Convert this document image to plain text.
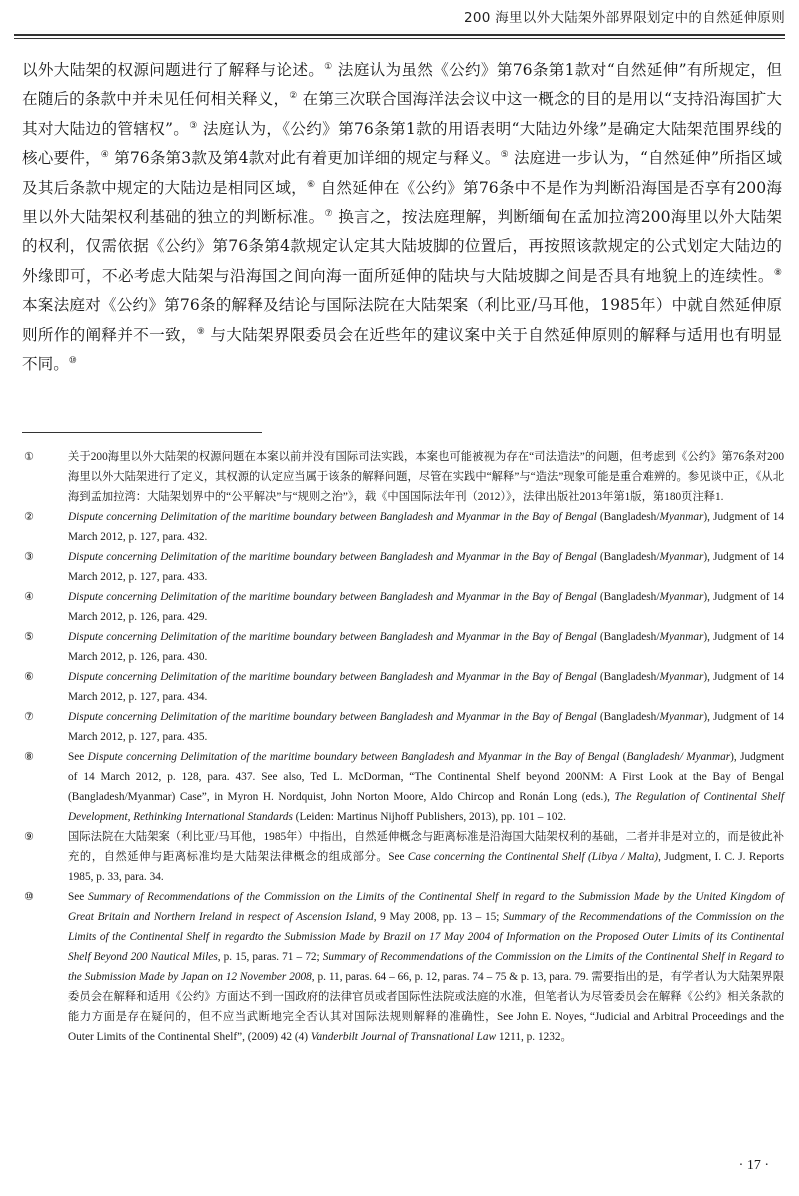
200 海里以外大陆架外部界限划定中的自然延伸原则

以外大陆架的权源问题进行了解释与论述。① 法庭认为虽然《公约》第76条第1款对“自然延伸”有所规定，但在随后的条款中并未见任何相关释义，② 在第三次联合国海洋法会议中这一概念的目的是用以“支持沿海国扩大其对大陆边的管辖权”。③ 法庭认为，《公约》第76条第1款的用语表明“大陆边外缘”是确定大陆架范围界线的核心要件，④ 第76条第3款及第4款对此有着更加详细的规定与释义。⑤ 法庭进一步认为，“自然延伸”所指区域及其后条款中规定的大陆边是相同区域，⑥ 自然延伸在《公约》第76条中不是作为判断沿海国是否享有200海里以外大陆架权利基础的独立的判断标准。⑦ 换言之，按法庭理解，判断缅甸在孟加拉湾200海里以外大陆架的权利，仅需依据《公约》第76条第4款规定认定其大陆坡脚的位置后，再按照该款规定的公式划定大陆边的外缘即可，不必考虑大陆架与沿海国之间向海一面所延伸的陆块与大陆坡脚之间是否具有地貌上的连续性。⑧ 本案法庭对《公约》第76条的解释及结论与国际法院在大陆架案（利比亚/马耳他，1985年）中就自然延伸原则所作的阐释并不一致，⑨ 与大陆架界限委员会在近些年的建议案中关于自然延伸原则的解释与适用也有明显不同。⑩

①	关于200海里以外大陆架的权源问题在本案以前并没有国际司法实践，本案也可能被视为存在“司法造法”的问题，但考虑到《公约》第76条对200海里以外大陆架进行了定义，其权源的认定应当属于该条的解释问题，尽管在实践中“解释”与“造法”现象可能是重合难辨的。参见谈中正，《从北海到孟加拉湾：大陆架划界中的“公平解决”与“规则之治”》，载《中国国际法年刊（2012）》，法律出版社2013年第1版，第180页注释1.
②	Dispute concerning Delimitation of the maritime boundary between Bangladesh and Myanmar in the Bay of Bengal (Bangladesh/Myanmar), Judgment of 14 March 2012, p. 127, para. 432.
③	Dispute concerning Delimitation of the maritime boundary between Bangladesh and Myanmar in the Bay of Bengal (Bangladesh/Myanmar), Judgment of 14 March 2012, p. 127, para. 433.
④	Dispute concerning Delimitation of the maritime boundary between Bangladesh and Myanmar in the Bay of Bengal (Bangladesh/Myanmar), Judgment of 14 March 2012, p. 126, para. 429.
⑤	Dispute concerning Delimitation of the maritime boundary between Bangladesh and Myanmar in the Bay of Bengal (Bangladesh/Myanmar), Judgment of 14 March 2012, p. 126, para. 430.
⑥	Dispute concerning Delimitation of the maritime boundary between Bangladesh and Myanmar in the Bay of Bengal (Bangladesh/Myanmar), Judgment of 14 March 2012, p. 127, para. 434.
⑦	Dispute concerning Delimitation of the maritime boundary between Bangladesh and Myanmar in the Bay of Bengal (Bangladesh/Myanmar), Judgment of 14 March 2012, p. 127, para. 435.
⑧	See Dispute concerning Delimitation of the maritime boundary between Bangladesh and Myanmar in the Bay of Bengal (Bangladesh/ Myanmar), Judgment of 14 March 2012, p. 128, para. 437. See also, Ted L. McDorman, “The Continental Shelf beyond 200NM: A First Look at the Bay of Bengal (Bangladesh/Myanmar) Case”, in Myron H. Nordquist, John Norton Moore, Aldo Chircop and Ronán Long (eds.), The Regulation of Continental Shelf Development, Rethinking International Standards (Leiden: Martinus Nijhoff Publishers, 2013), pp. 101 – 102.
⑨	国际法院在大陆架案（利比亚/马耳他，1985年）中指出，自然延伸概念与距离标准是沿海国大陆架权利的基础，二者并非是对立的，而是彼此补充的，自然延伸与距离标准均是大陆架法律概念的组成部分。See Case concerning the Continental Shelf (Libya / Malta), Judgment, I. C. J. Reports 1985, p. 33, para. 34.
⑩	See Summary of Recommendations of the Commission on the Limits of the Continental Shelf in regard to the Submission Made by the United Kingdom of Great Britain and Northern Ireland in respect of Ascension Island, 9 May 2008, pp. 13 – 15; Summary of the Recommendations of the Commission on the Limits of the Continental Shelf in regardto the Submission Made by Brazil on 17 May 2004 of Information on the Proposed Outer Limits of its Continental Shelf Beyond 200 Nautical Miles, p. 15, paras. 71 – 72; Summary of Recommendations of the Commission on the Limits of the Continental Shelf in Regard to the Submission Made by Japan on 12 November 2008, p. 11, paras. 64 – 66, p. 12, paras. 74 – 75 & p. 13, para. 79. 需要指出的是，有学者认为大陆架界限委员会在解释和适用《公约》方面达不到一国政府的法律官员或者国际性法院或法庭的水准，但笔者认为尽管委员会在解释《公约》相关条款的能力方面是存在疑问的，但不应当武断地完全否认其对国际法规则解释的准确性，See John E. Noyes, “Judicial and Arbitral Proceedings and the Outer Limits of the Continental Shelf”, (2009) 42 (4) Vanderbilt Journal of Transnational Law 1211, p. 1232。
· 17 ·
